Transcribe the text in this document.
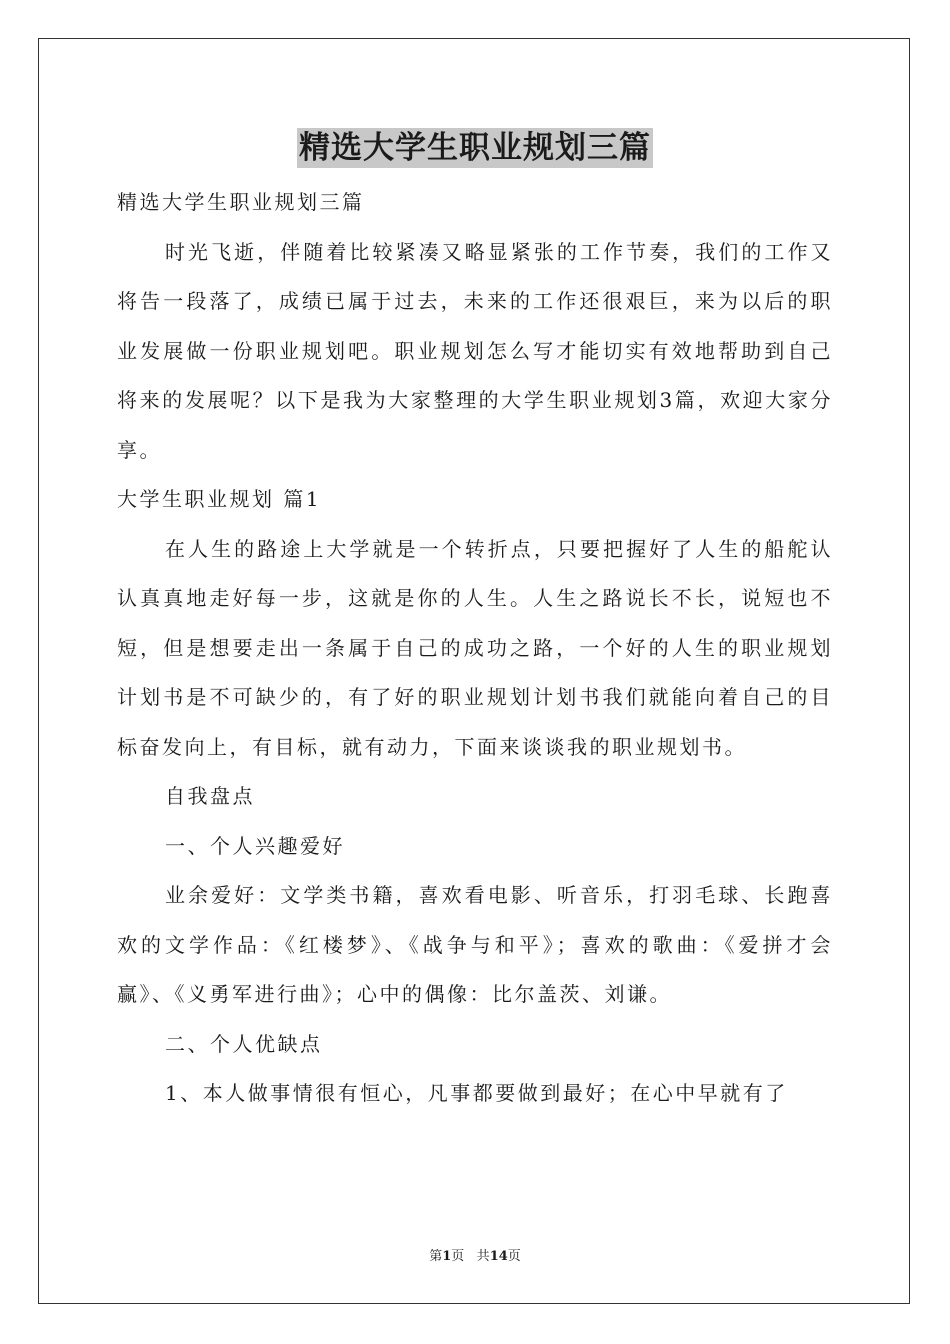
精选大学生职业规划三篇

精选大学生职业规划三篇

时光飞逝，伴随着比较紧凑又略显紧张的工作节奏，我们的工作又将告一段落了，成绩已属于过去，未来的工作还很艰巨，来为以后的职业发展做一份职业规划吧。职业规划怎么写才能切实有效地帮助到自己将来的发展呢？以下是我为大家整理的大学生职业规划3篇，欢迎大家分享。

大学生职业规划 篇1

在人生的路途上大学就是一个转折点，只要把握好了人生的船舵认认真真地走好每一步，这就是你的人生。人生之路说长不长，说短也不短，但是想要走出一条属于自己的成功之路，一个好的人生的职业规划计划书是不可缺少的，有了好的职业规划计划书我们就能向着自己的目标奋发向上，有目标，就有动力，下面来谈谈我的职业规划书。

自我盘点

一、个人兴趣爱好

业余爱好：文学类书籍，喜欢看电影、听音乐，打羽毛球、长跑喜欢的文学作品：《红楼梦》、《战争与和平》；喜欢的歌曲：《爱拼才会赢》、《义勇军进行曲》；心中的偶像：比尔盖茨、刘谦。

二、个人优缺点

1、本人做事情很有恒心，凡事都要做到最好；在心中早就有了

第1页 共14页
